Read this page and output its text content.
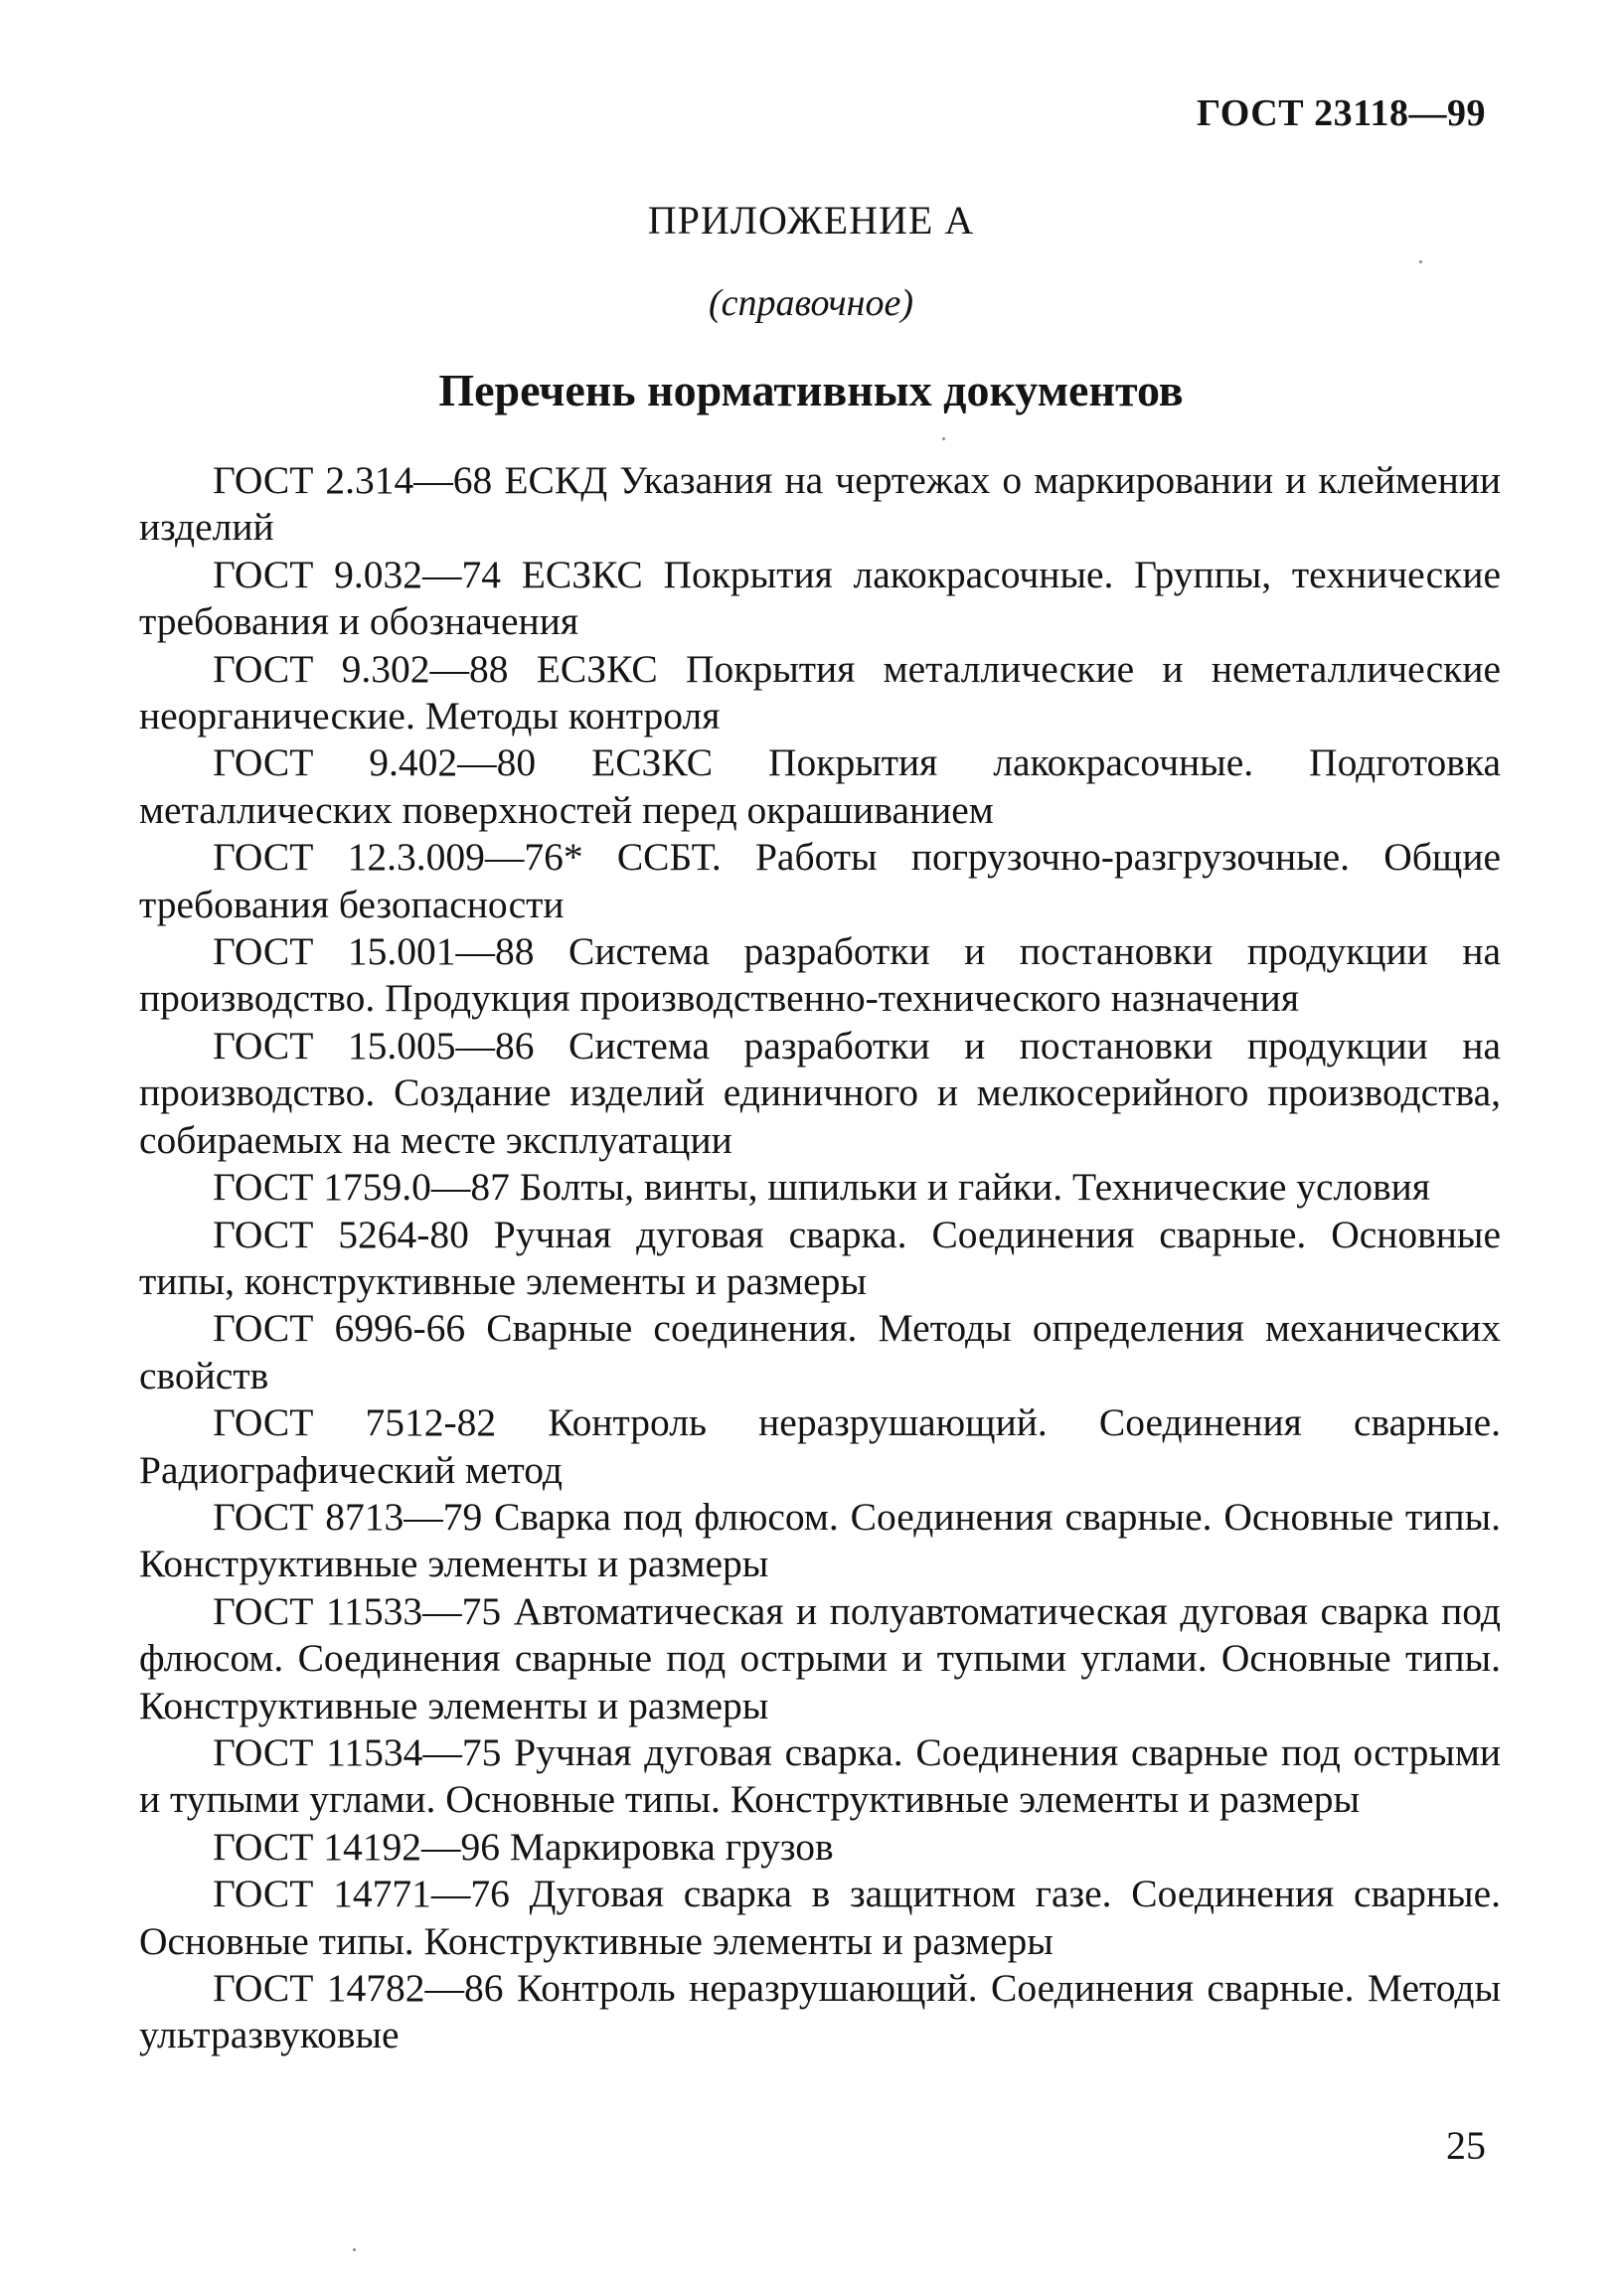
ГОСТ 23118—99
ПРИЛОЖЕНИЕ А
(справочное)
Перечень нормативных документов
ГОСТ 2.314—68 ЕСКД Указания на чертежах о маркировании и клеймении изделий
ГОСТ 9.032—74 ЕСЗКС Покрытия лакокрасочные. Группы, технические требования и обозначения
ГОСТ 9.302—88 ЕСЗКС Покрытия металлические и неметаллические неорганические. Методы контроля
ГОСТ 9.402—80 ЕСЗКС Покрытия лакокрасочные. Подготовка металлических поверхностей перед окрашиванием
ГОСТ 12.3.009—76* ССБТ. Работы погрузочно-разгрузочные. Общие требования безопасности
ГОСТ 15.001—88 Система разработки и постановки продукции на производство. Продукция производственно-технического назначения
ГОСТ 15.005—86 Система разработки и постановки продукции на производство. Создание изделий единичного и мелкосерийного производства, собираемых на месте эксплуатации
ГОСТ 1759.0—87 Болты, винты, шпильки и гайки. Технические условия
ГОСТ 5264-80 Ручная дуговая сварка. Соединения сварные. Основные типы, конструктивные элементы и размеры
ГОСТ 6996-66 Сварные соединения. Методы определения механических свойств
ГОСТ 7512-82 Контроль неразрушающий. Соединения сварные. Радиографический метод
ГОСТ 8713—79 Сварка под флюсом. Соединения сварные. Основные типы. Конструктивные элементы и размеры
ГОСТ 11533—75 Автоматическая и полуавтоматическая дуговая сварка под флюсом. Соединения сварные под острыми и тупыми углами. Основные типы. Конструктивные элементы и размеры
ГОСТ 11534—75 Ручная дуговая сварка. Соединения сварные под острыми и тупыми углами. Основные типы. Конструктивные элементы и размеры
ГОСТ 14192—96 Маркировка грузов
ГОСТ 14771—76 Дуговая сварка в защитном газе. Соединения сварные. Основные типы. Конструктивные элементы и размеры
ГОСТ 14782—86 Контроль неразрушающий. Соединения сварные. Методы ультразвуковые
25
